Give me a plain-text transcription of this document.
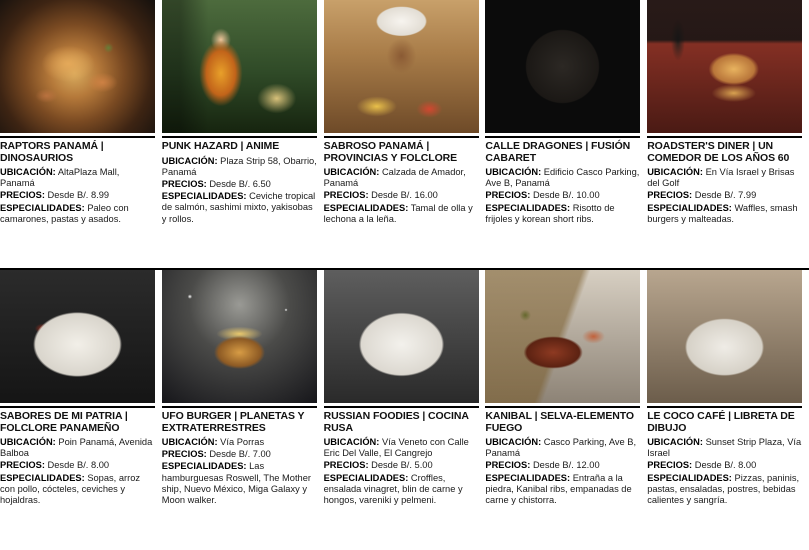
RAPTORS PANAMÁ | DINOSAURIOS
UBICACIÓN: AltaPlaza Mall, Panamá
PRECIOS: Desde B/. 8.99
ESPECIALIDADES: Paleo con camarones, pastas y asados.
PUNK HAZARD | ANIME
UBICACIÓN: Plaza Strip 58, Obarrio, Panamá
PRECIOS: Desde B/. 6.50
ESPECIALIDADES: Ceviche tropical de salmón, sashimi mixto, yakisobas y rollos.
SABROSO PANAMÁ | PROVINCIAS Y FOLCLORE
UBICACIÓN: Calzada de Amador, Panamá
PRECIOS: Desde B/. 16.00
ESPECIALIDADES: Tamal de olla y lechona a la leña.
CALLE DRAGONES | FUSIÓN CABARET
UBICACIÓN: Edificio Casco Parking, Ave B, Panamá
PRECIOS: Desde B/. 10.00
ESPECIALIDADES: Risotto de frijoles y korean short ribs.
ROADSTER'S DINER | UN COMEDOR DE LOS AÑOS 60
UBICACIÓN: En Vía Israel y Brisas del Golf
PRECIOS: Desde B/. 7.99
ESPECIALIDADES: Waffles, smash burgers y malteadas.
SABORES DE MI PATRIA | FOLCLORE PANAMEÑO
UBICACIÓN: Poin Panamá, Avenida Balboa
PRECIOS: Desde B/. 8.00
ESPECIALIDADES: Sopas, arroz con pollo, cócteles, ceviches y hojaldras.
UFO BURGER | PLANETAS Y EXTRATERRESTRES
UBICACIÓN: Vía Porras
PRECIOS: Desde B/. 7.00
ESPECIALIDADES: Las hamburguesas Roswell, The Mother ship, Nuevo México, Miga Galaxy y Moon walker.
RUSSIAN FOODIES | COCINA RUSA
UBICACIÓN: Vía Veneto con Calle Eric Del Valle, El Cangrejo
PRECIOS: Desde B/. 5.00
ESPECIALIDADES: Croffles, ensalada vinagret, blin de carne y hongos, vareniki y pelmeni.
KANIBAL | SELVA-ELEMENTO FUEGO
UBICACIÓN: Casco Parking, Ave B, Panamá
PRECIOS: Desde B/. 12.00
ESPECIALIDADES: Entraña a la piedra, Kanibal ribs, empanadas de carne y chistorra.
LE COCO CAFÉ | LIBRETA DE DIBUJO
UBICACIÓN: Sunset Strip Plaza, Vía Israel
PRECIOS: Desde B/. 8.00
ESPECIALIDADES: Pizzas, paninis, pastas, ensaladas, postres, bebidas calientes y sangría.
